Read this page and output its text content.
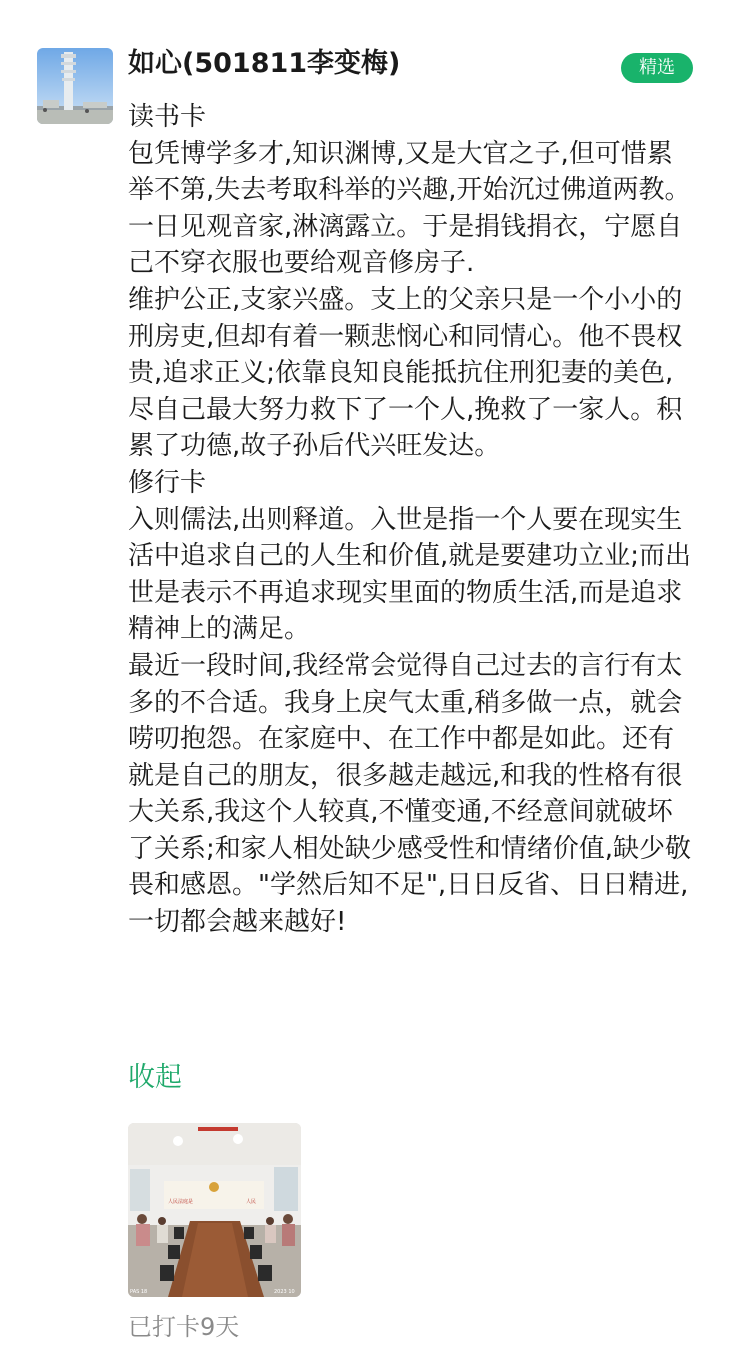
如心(501811李变梅)	精选

读书卡

包凭博学多才,知识渊博,又是大官之子,但可惜累举不第,失去考取科举的兴趣,开始沉过佛道两教。一日见观音家,淋漓露立。于是捐钱捐衣，宁愿自己不穿衣服也要给观音修房子.

维护公正,支家兴盛。支上的父亲只是一个小小的刑房吏,但却有着一颗悲悯心和同情心。他不畏权贵,追求正义;依靠良知良能抵抗住刑犯妻的美色,尽自己最大努力救下了一个人,挽救了一家人。积累了功德,故子孙后代兴旺发达。

修行卡

入则儒法,出则释道。入世是指一个人要在现实生活中追求自己的人生和价值,就是要建功立业;而出世是表示不再追求现实里面的物质生活,而是追求精神上的满足。

最近一段时间,我经常会觉得自己过去的言行有太多的不合适。我身上戾气太重,稍多做一点，就会唠叨抱怨。在家庭中、在工作中都是如此。还有就是自己的朋友，很多越走越远,和我的性格有很大关系,我这个人较真,不懂变通,不经意间就破坏了关系;和家人相处缺少感受性和情绪价值,缺少敬畏和感恩。"学然后知不足",日日反省、日日精进,一切都会越来越好!

收起
人民法庭是	人民
PAS 18	2023 10
已打卡9天
